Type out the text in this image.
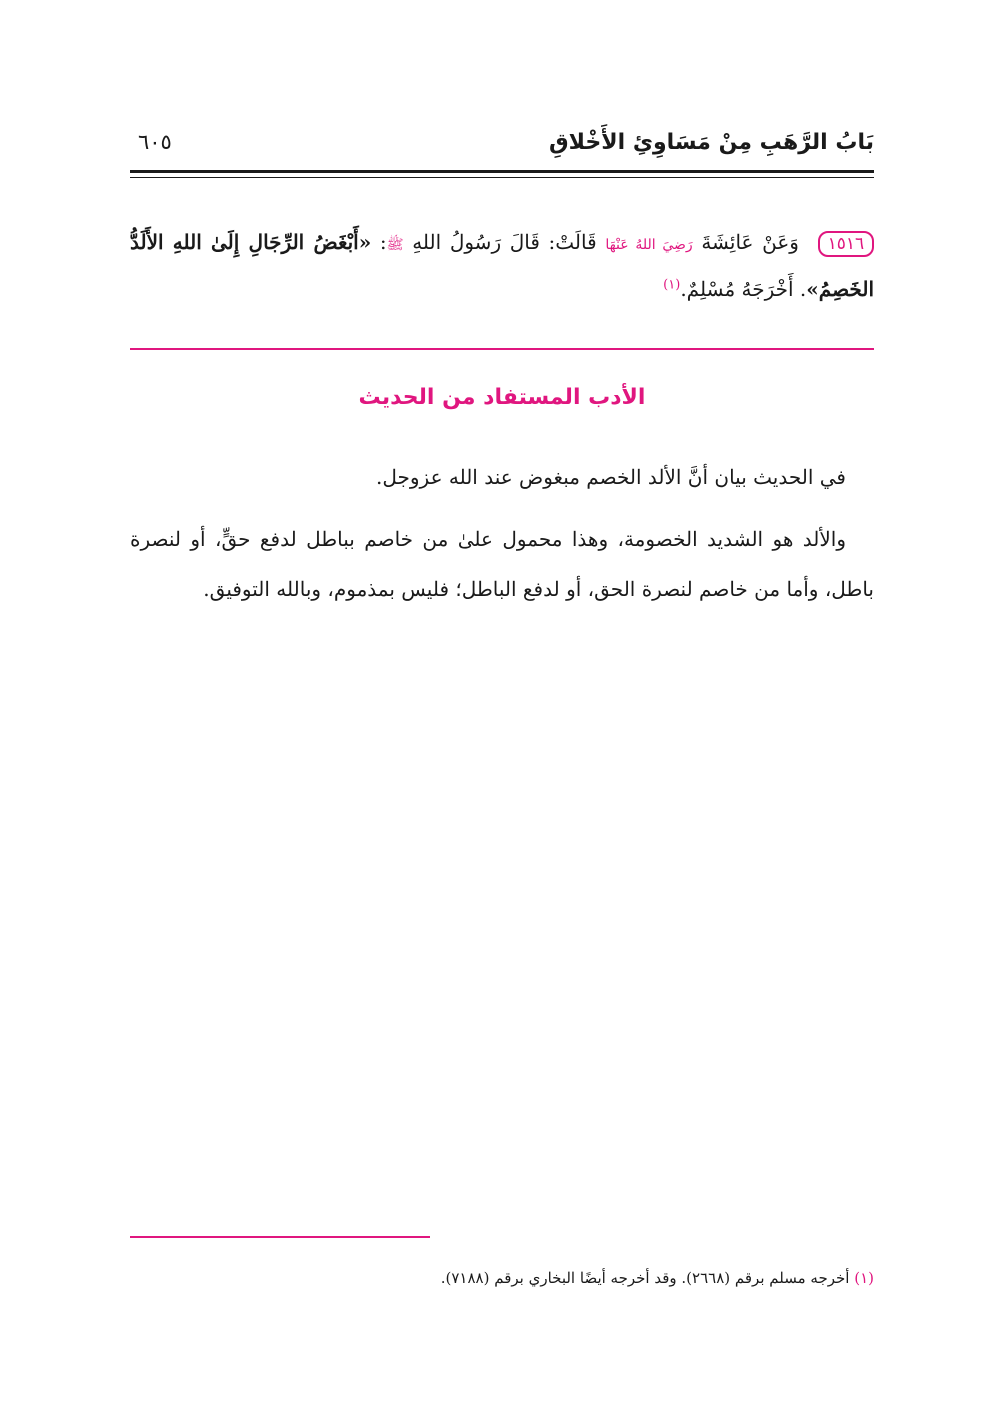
بَابُ الرَّهَبِ مِنْ مَسَاوِئِ الأَخْلاقِ
٦٠٥
١٥١٦ وَعَنْ عَائِشَةَ رَضِيَ اللهُ عَنْهَا قَالَتْ: قَالَ رَسُولُ اللهِ ﷺ: «أَبْغَضُ الرِّجَالِ إِلَىٰ اللهِ الأَلَدُّ الخَصِمُ». أَخْرَجَهُ مُسْلِمٌ.$^{(١)}$
الأدب المستفاد من الحديث

في الحديث بيان أنَّ الألد الخصم مبغوض عند الله عزوجل.

والألد هو الشديد الخصومة، وهذا محمول علىٰ من خاصم بباطل لدفع حقٍّ، أو لنصرة باطل، وأما من خاصم لنصرة الحق، أو لدفع الباطل؛ فليس بمذموم، وبالله التوفيق.

(١) أخرجه مسلم برقم (٢٦٦٨). وقد أخرجه أيضًا البخاري برقم (٧١٨٨).
